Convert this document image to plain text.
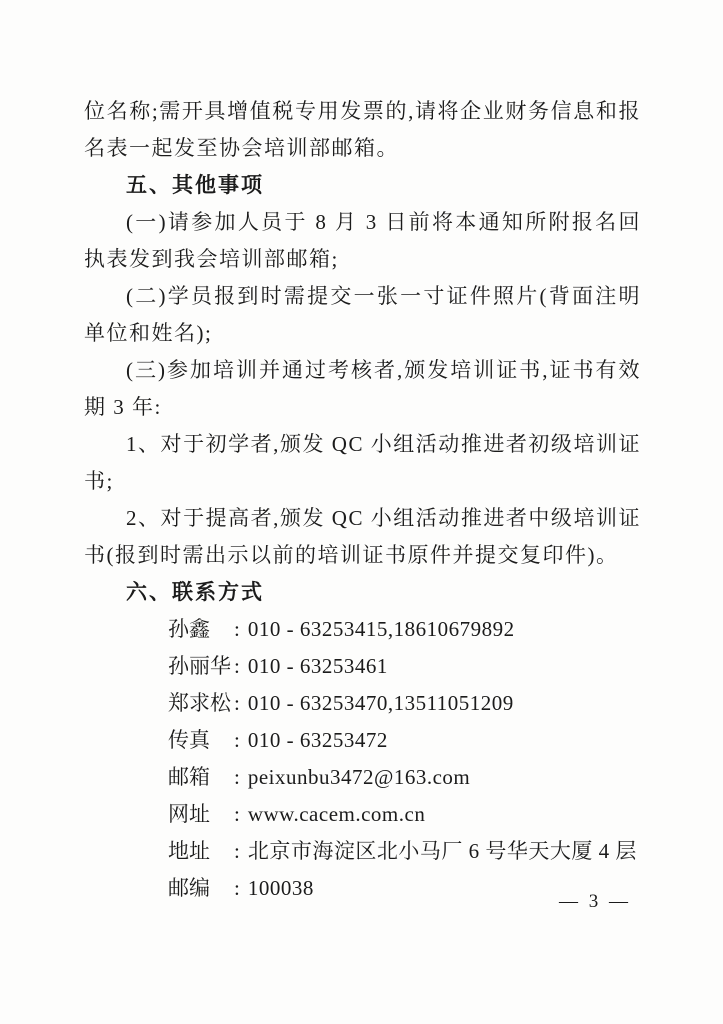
位名称;需开具增值税专用发票的,请将企业财务信息和报名表一起发至协会培训部邮箱。

五、其他事项

(一)请参加人员于 8 月 3 日前将本通知所附报名回执表发到我会培训部邮箱;

(二)学员报到时需提交一张一寸证件照片(背面注明单位和姓名);

(三)参加培训并通过考核者,颁发培训证书,证书有效期 3 年:

1、对于初学者,颁发 QC 小组活动推进者初级培训证书;

2、对于提高者,颁发 QC 小组活动推进者中级培训证书(报到时需出示以前的培训证书原件并提交复印件)。

六、联系方式

孙鑫 : 010 - 63253415,18610679892

孙丽华 : 010 - 63253461

郑求松 : 010 - 63253470,13511051209

传真 : 010 - 63253472

邮箱 : peixunbu3472@163.com

网址 : www.cacem.com.cn

地址 : 北京市海淀区北小马厂 6 号华天大厦 4 层

邮编 : 100038

— 3 —
